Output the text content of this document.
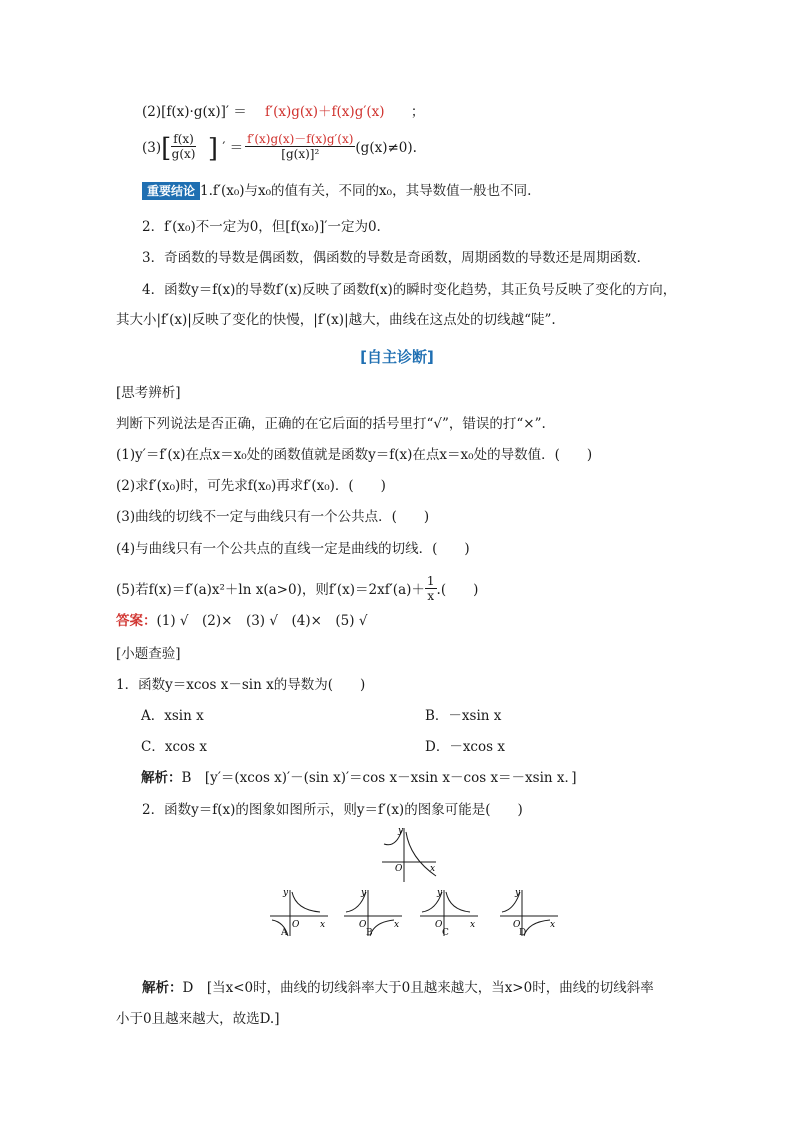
(2)[f(x)·g(x)]′ ＝ f′(x)g(x)＋f(x)g′(x) ；
$(3)[ \frac{f(x)}{g(x)}$ ] ′ ＝ $\frac{f'(x)g(x)-f(x)g'(x)}{\text{[g(x)]²}} (g(x)\ne 0)$.
重要结论 1.f′(x₀)与x₀的值有关，不同的x₀，其导数值一般也不同.
2．f′(x₀)不一定为0，但[f(x₀)]′一定为0.
3．奇函数的导数是偶函数，偶函数的导数是奇函数，周期函数的导数还是周期函数．
4．函数y＝f(x)的导数f′(x)反映了函数f(x)的瞬时变化趋势，其正负号反映了变化的方向，
其大小|f′(x)|反映了变化的快慢，|f′(x)|越大，曲线在这点处的切线越“陡”.
[自主诊断]
[思考辨析]
判断下列说法是否正确，正确的在它后面的括号里打“√”，错误的打“×”.
(1)y′＝f′(x)在点x＝x₀处的函数值就是函数y＝f(x)在点x＝x₀处的导数值．(　　)
(2)求f′(x₀)时，可先求f(x₀)再求f′(x₀)．(　　)
(3)曲线的切线不一定与曲线只有一个公共点．(　　)
(4)与曲线只有一个公共点的直线一定是曲线的切线．(　　)
(5)若f(x)＝f′(a)x²＋ln x(a>0)，则$f'(x)=2xf'(a)+ \frac{1}{x}$ .(　　)
答案：(1) √　(2)×　(3) √　(4)×　(5) √
[小题查验]
1．函数y＝xcos x－sin x的导数为(　　)
A．xsin x	B．－xsin x
C．xcos x	D．－xcos x
解析：B　[y′＝(xcos x)′－(sin x)′＝cos x－xsin x－cos x＝－xsin x．]
2．函数y＝f(x)的图象如图所示，则y＝f′(x)的图象可能是(　　)
y
x
O
y
x
O
A
y
x
O
B
y
x
O
C
y
x
O
D
解析：D　[当x<0时，曲线的切线斜率大于0且越来越大，当x>0时，曲线的切线斜率
小于0且越来越大，故选D.]
